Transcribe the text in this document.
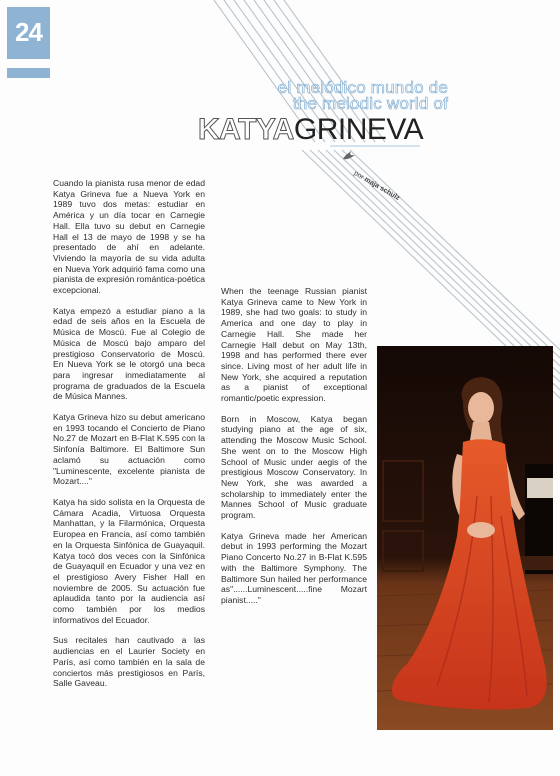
24
el melódico mundo de
the melodic world of
KATYAGRINEVA
por maja schulz

Cuando la pianista rusa menor de edad Katya Grineva fue a Nueva York en 1989 tuvo dos metas: estudiar en América y un día tocar en Carnegie Hall. Ella tuvo su debut en Carnegie Hall el 13 de mayo de 1998 y se ha presentado de ahí en adelante. Viviendo la mayoría de su vida adulta en Nueva York adquirió fama como una pianista de expresión romántica-poética excepcional.

Katya empezó a estudiar piano a la edad de seis años en la Escuela de Música de Moscú. Fue al Colegio de Música de Moscú bajo amparo del prestigioso Conservatorio de Moscú. En Nueva York se le otorgó una beca para ingresar inmediatamente al programa de graduados de la Escuela de Música Mannes.

Katya Grineva hizo su debut americano en 1993 tocando el Concierto de Piano No.27 de Mozart en B-Flat K.595 con la Sinfonía Baltimore. El Baltimore Sun aclamó su actuación como "Luminescente, excelente pianista de Mozart...."

Katya ha sido solista en la Orquesta de Cámara Acadia, Virtuosa Orquesta Manhattan, y la Filarmónica, Orquesta Europea en Francia, así como también en la Orquesta Sinfónica de Guayaquil. Katya tocó dos veces con la Sinfónica de Guayaquil en Ecuador y una vez en el prestigioso Avery Fisher Hall en noviembre de 2005. Su actuación fue aplaudida tanto por la audiencia así como también por los medios informativos del Ecuador.

Sus recitales han cautivado a las audiencias en el Laurier Society en París, así como también en la sala de conciertos más prestigiosos en París, Salle Gaveau.

When the teenage Russian pianist Katya Grineva came to New York in 1989, she had two goals: to study in America and one day to play in Carnegie Hall. She made her Carnegie Hall debut on May 13th, 1998 and has performed there ever since. Living most of her adult life in New York, she acquired a reputation as a pianist of exceptional romantic/poetic expression.

Born in Moscow, Katya began studying piano at the age of six, attending the Moscow Music School. She went on to the Moscow High School of Music under aegis of the prestigious Moscow Conservatory. In New York, she was awarded a scholarship to immediately enter the Mannes School of Music graduate program.

Katya Grineva made her American debut in 1993 performing the Mozart Piano Concerto No.27 in B-Flat K.595 with the Baltimore Symphony. The Baltimore Sun hailed her performance as"......Luminescent.....fine Mozart pianist....."
